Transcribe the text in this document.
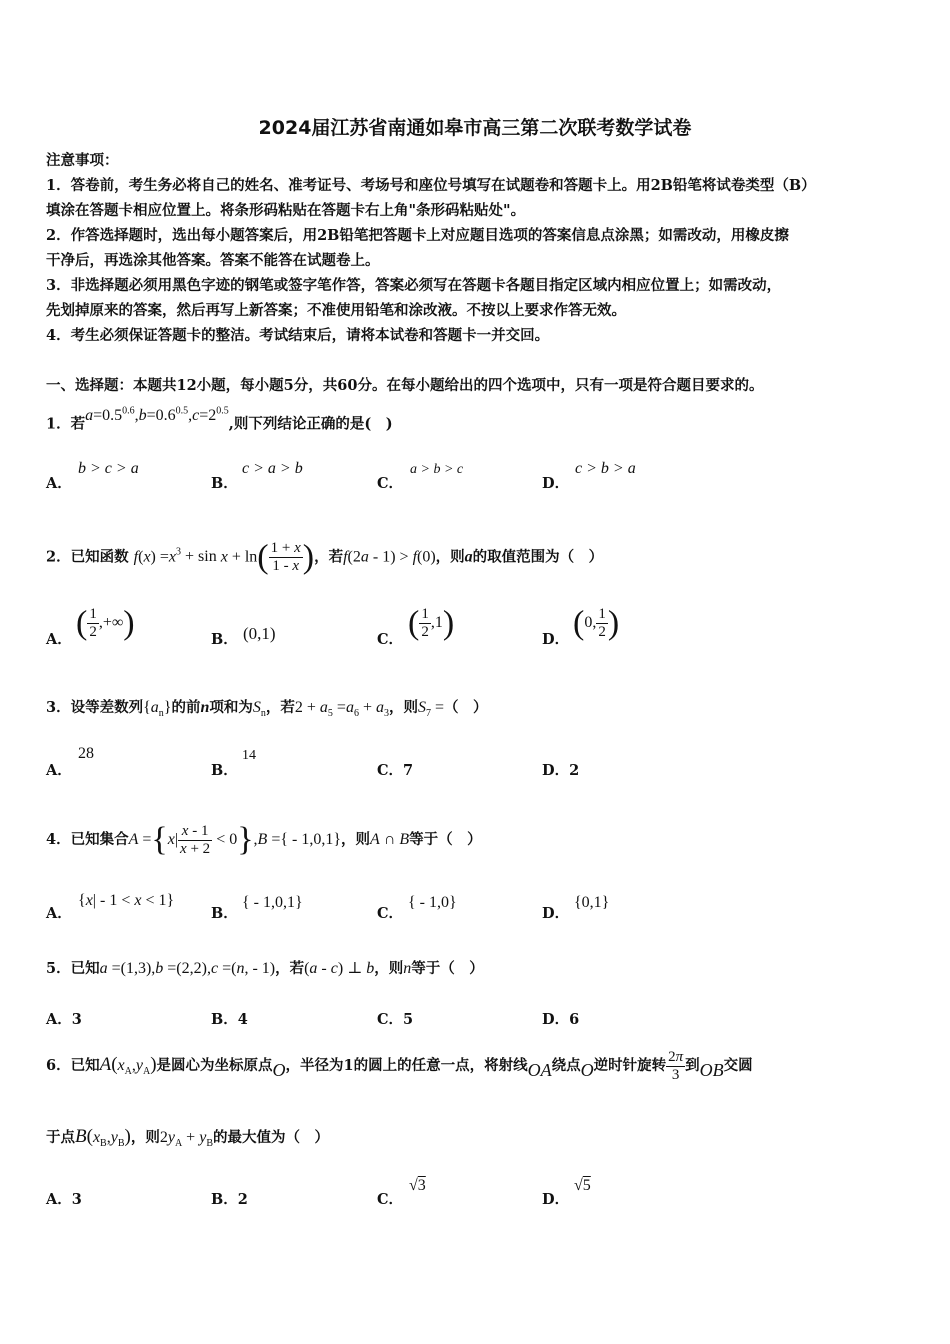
2024届江苏省南通如皋市高三第二次联考数学试卷
注意事项：
1．答卷前，考生务必将自己的姓名、准考证号、考场号和座位号填写在试题卷和答题卡上。用2B铅笔将试卷类型（B）
填涂在答题卡相应位置上。将条形码粘贴在答题卡右上角"条形码粘贴处"。
2．作答选择题时，选出每小题答案后，用2B铅笔把答题卡上对应题目选项的答案信息点涂黑；如需改动，用橡皮擦
干净后，再选涂其他答案。答案不能答在试题卷上。
3．非选择题必须用黑色字迹的钢笔或签字笔作答，答案必须写在答题卡各题目指定区域内相应位置上；如需改动，
先划掉原来的答案，然后再写上新答案；不准使用铅笔和涂改液。不按以上要求作答无效。
4．考生必须保证答题卡的整洁。考试结束后，请将本试卷和答题卡一并交回。
一、选择题：本题共12小题，每小题5分，共60分。在每小题给出的四个选项中，只有一项是符合题目要求的。
1．若$a=0.5^{0.6},b=0.6^{0.5},c=2^{0.5}$,则下列结论正确的是(　)
A．
b > c > a
B．
c > a > b
C．
a > b > c
D．
c > b > a
2．已知函数 $f(x) =x^3 + \sin x + \ln( \frac{1 + x}{1 - x}$ )，若f(2a - 1) > f(0)，则a的取值范围为（　）
A． ( $\frac{1}{2}$ ,+∞)	B． (0,1)	C． ( $\frac{1}{2} ,1$)	D． (0, $\frac{1}{2}$ )
3．设等差数列$\{a_n\}$的前n项和为$S_n$，若$2 + a_5 =a_6 + a_3$，则$S_7$ =（　）
A．
28
B．
14
C．7	D．2
4．已知集合$A =\{x| \frac{x - 1}{x + 2} < 0\},B$ ={ - 1,0,1}，则A ∩ B等于（　）
A．
{x| - 1 < x < 1}
B．
{ - 1,0,1}
C．
{ - 1,0}
D．
{0,1}
5．已知a =(1,3),b =(2,2),c =(n, - 1)，若(a - c) ⊥ b，则n等于（　）
A．3	B．4	C．5	D．6
6．已知$A(x_A,y_A)$是圆心为坐标原点O，半径为1的圆上的任意一点，将射线OA绕点O逆时针旋转 $\frac{2\pi}{3}$ 到OB交圆
于点$B(x_B,y_B)$，则$2y_A + y_B$的最大值为（　）
A．3	B．2	C．
√3
D．
√5
